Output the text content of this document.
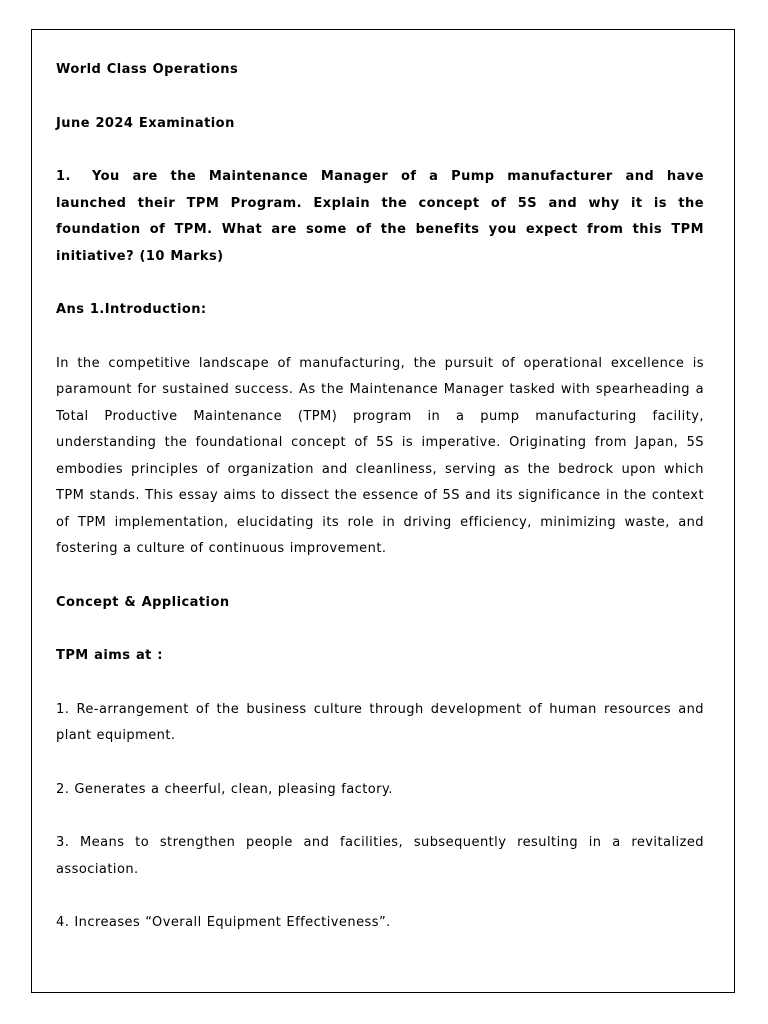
World Class Operations

June 2024 Examination

1. You are the Maintenance Manager of a Pump manufacturer and have launched their TPM Program. Explain the concept of 5S and why it is the foundation of TPM. What are some of the benefits you expect from this TPM initiative? (10 Marks)

Ans 1.Introduction:

In the competitive landscape of manufacturing, the pursuit of operational excellence is paramount for sustained success. As the Maintenance Manager tasked with spearheading a Total Productive Maintenance (TPM) program in a pump manufacturing facility, understanding the foundational concept of 5S is imperative. Originating from Japan, 5S embodies principles of organization and cleanliness, serving as the bedrock upon which TPM stands. This essay aims to dissect the essence of 5S and its significance in the context of TPM implementation, elucidating its role in driving efficiency, minimizing waste, and fostering a culture of continuous improvement.

Concept & Application

TPM aims at :

1. Re-arrangement of the business culture through development of human resources and plant equipment.

2. Generates a cheerful, clean, pleasing factory.

3. Means to strengthen people and facilities, subsequently resulting in a revitalized association.

4. Increases “Overall Equipment Effectiveness”.
